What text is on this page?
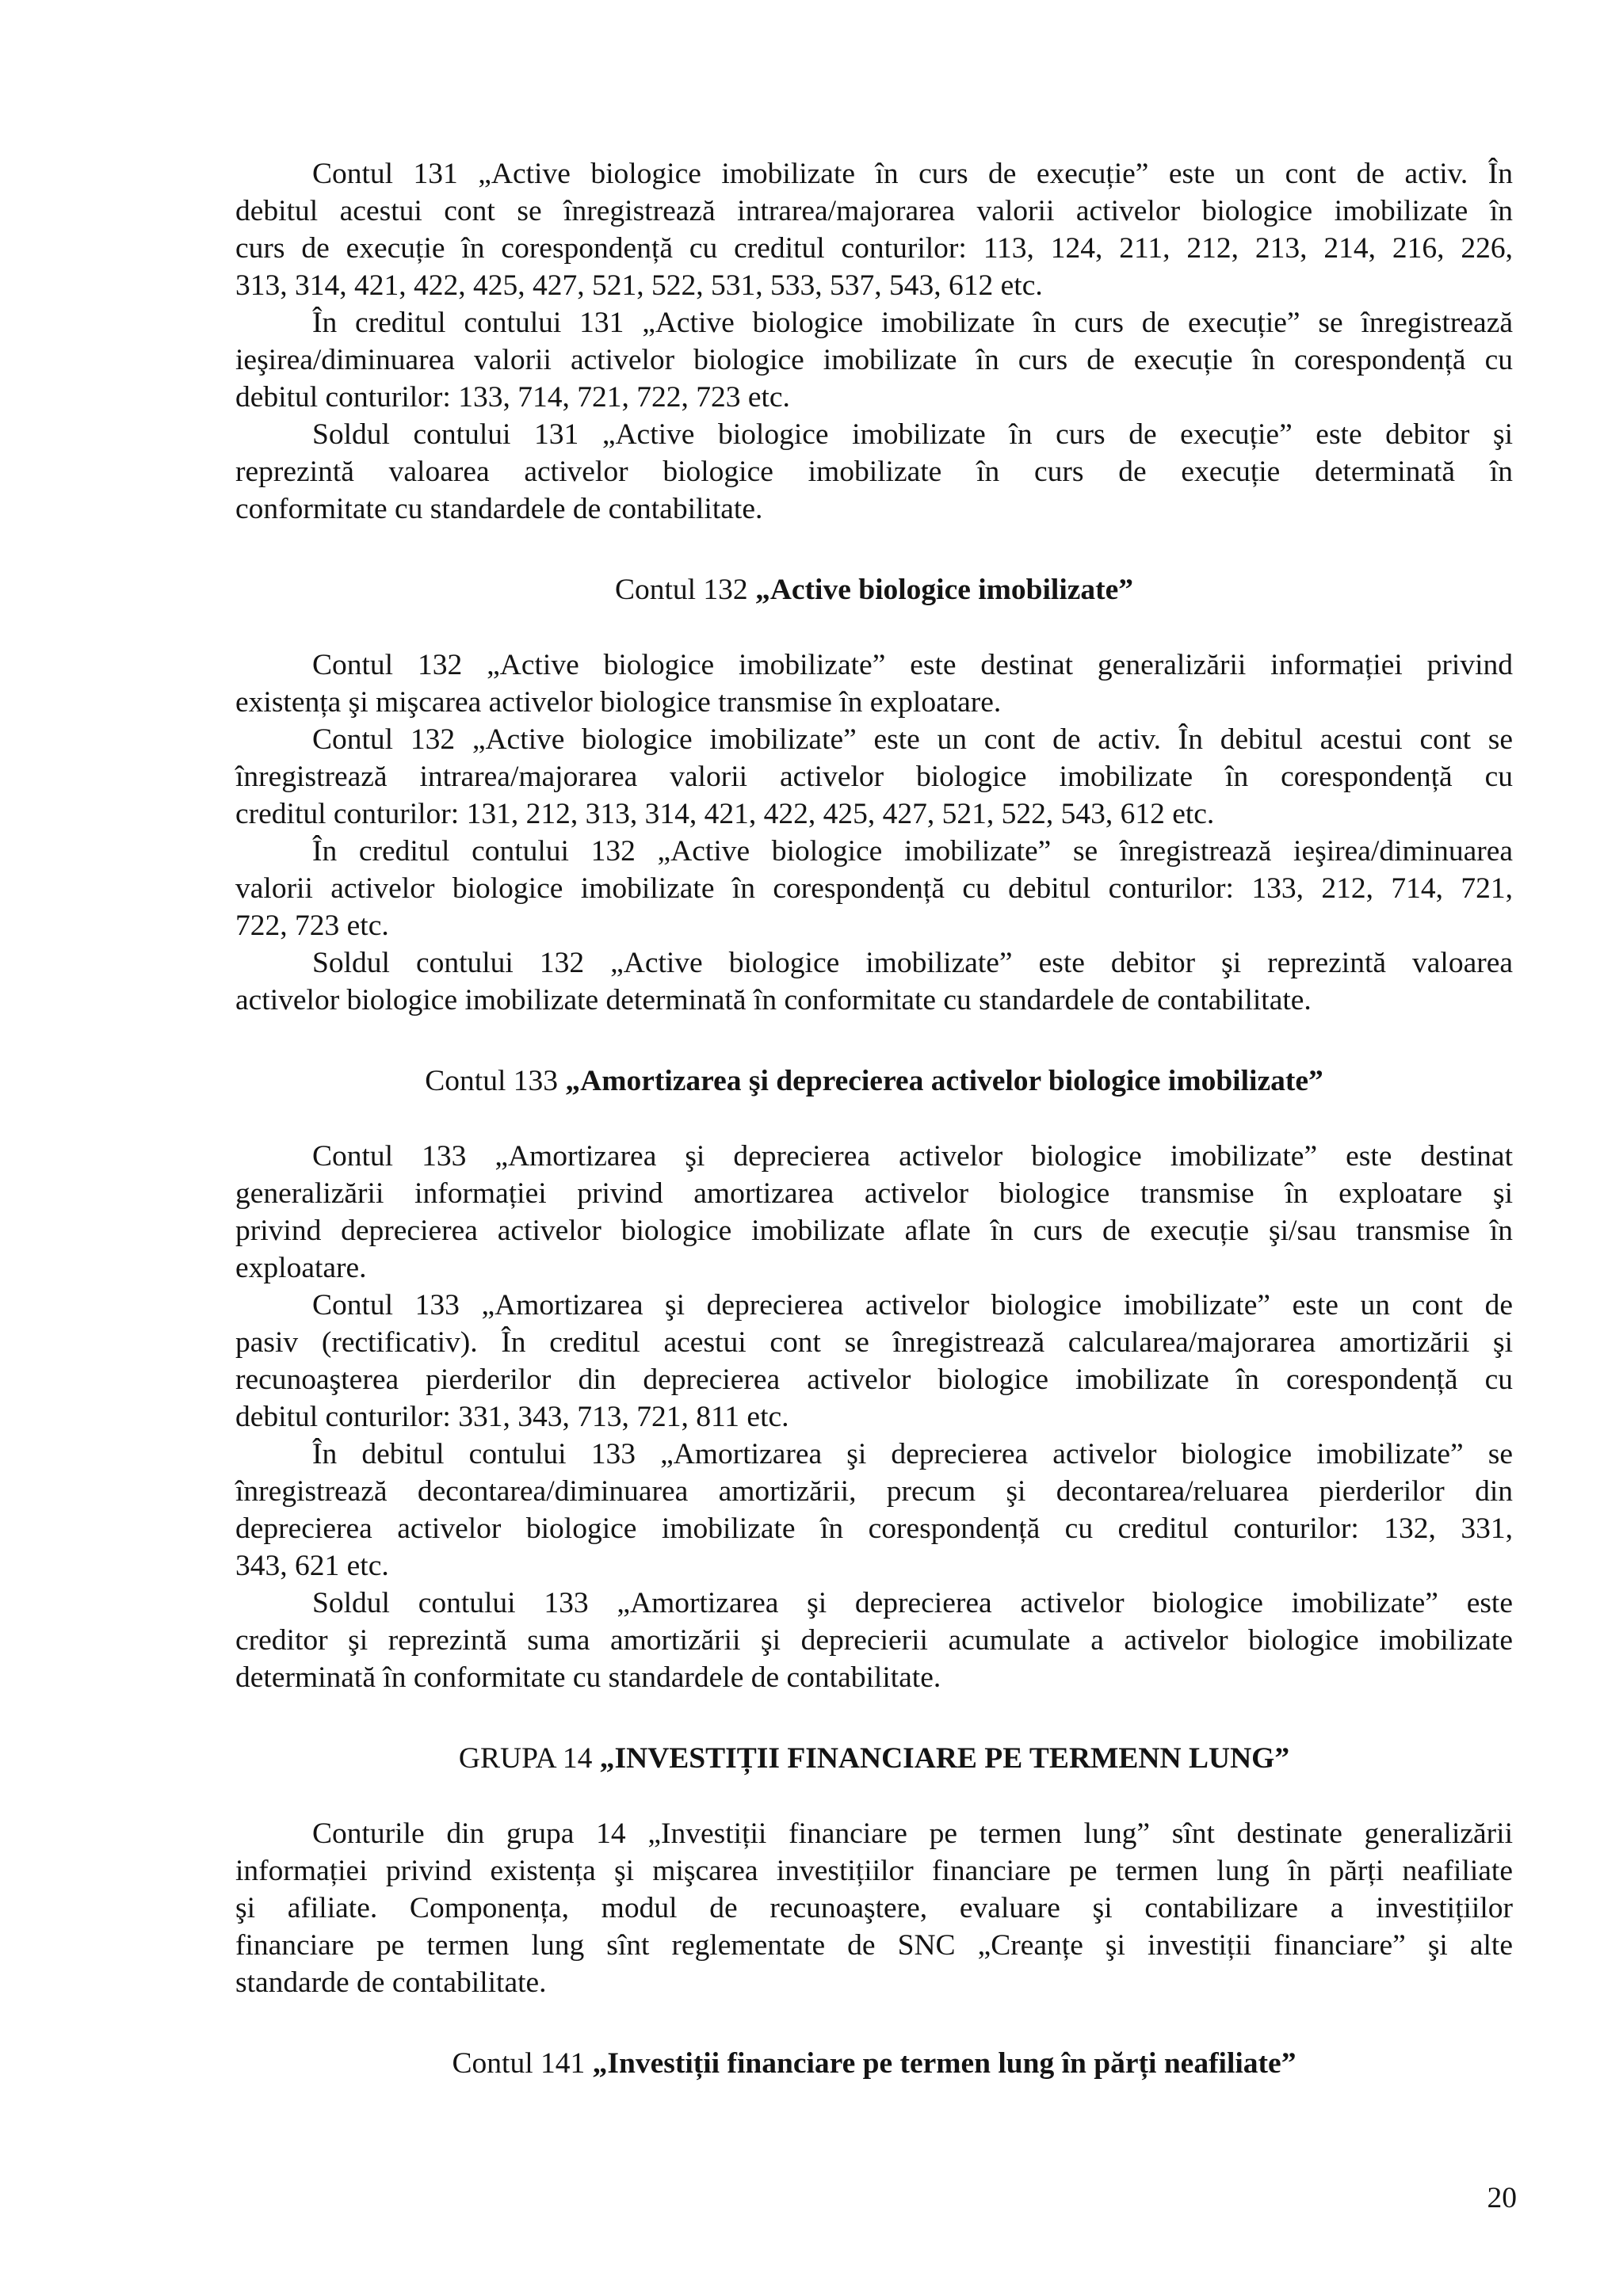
Contul 131 „Active biologice imobilizate în curs de execuție” este un cont de activ. În
debitul acestui cont se înregistrează intrarea/majorarea valorii activelor biologice imobilizate în
curs de execuție în corespondență cu creditul conturilor: 113, 124, 211, 212, 213, 214, 216, 226,
313, 314, 421, 422, 425, 427, 521, 522, 531, 533, 537, 543, 612 etc.
În creditul contului 131 „Active biologice imobilizate în curs de execuție” se înregistrează
ieşirea/diminuarea valorii activelor biologice imobilizate în curs de execuție în corespondență cu
debitul conturilor: 133, 714, 721, 722, 723 etc.
Soldul contului 131 „Active biologice imobilizate în curs de execuție” este debitor şi
reprezintă valoarea activelor biologice imobilizate în curs de execuție determinată în
conformitate cu standardele de contabilitate.
Contul 132 „Active biologice imobilizate”
Contul 132 „Active biologice imobilizate” este destinat generalizării informației privind
existența şi mişcarea activelor biologice transmise în exploatare.
Contul 132 „Active biologice imobilizate” este un cont de activ. În debitul acestui cont se
înregistrează intrarea/majorarea valorii activelor biologice imobilizate în corespondență cu
creditul conturilor: 131, 212, 313, 314, 421, 422, 425, 427, 521, 522, 543, 612 etc.
În creditul contului 132 „Active biologice imobilizate” se înregistrează ieşirea/diminuarea
valorii activelor biologice imobilizate în corespondență cu debitul conturilor: 133, 212, 714, 721,
722, 723 etc.
Soldul contului 132 „Active biologice imobilizate” este debitor şi reprezintă valoarea
activelor biologice imobilizate determinată în conformitate cu standardele de contabilitate.
Contul 133 „Amortizarea şi deprecierea activelor biologice imobilizate”
Contul 133 „Amortizarea şi deprecierea activelor biologice imobilizate” este destinat
generalizării informației privind amortizarea activelor biologice transmise în exploatare şi
privind deprecierea activelor biologice imobilizate aflate în curs de execuție şi/sau transmise în
exploatare.
Contul 133 „Amortizarea şi deprecierea activelor biologice imobilizate” este un cont de
pasiv (rectificativ). În creditul acestui cont se înregistrează calcularea/majorarea amortizării şi
recunoaşterea pierderilor din deprecierea activelor biologice imobilizate în corespondență cu
debitul conturilor: 331, 343, 713, 721, 811 etc.
În debitul contului 133 „Amortizarea şi deprecierea activelor biologice imobilizate” se
înregistrează decontarea/diminuarea amortizării, precum şi decontarea/reluarea pierderilor din
deprecierea activelor biologice imobilizate în corespondență cu creditul conturilor: 132, 331,
343, 621 etc.
Soldul contului 133 „Amortizarea şi deprecierea activelor biologice imobilizate” este
creditor şi reprezintă suma amortizării şi deprecierii acumulate a activelor biologice imobilizate
determinată în conformitate cu standardele de contabilitate.
GRUPA 14 „INVESTIȚII FINANCIARE PE TERMENN LUNG”
Conturile din grupa 14 „Investiții financiare pe termen lung” sînt destinate generalizării
informației privind existența şi mişcarea investițiilor financiare pe termen lung în părți neafiliate
şi afiliate. Componența, modul de recunoaştere, evaluare şi contabilizare a investițiilor
financiare pe termen lung sînt reglementate de SNC „Creanțe şi investiții financiare” şi alte
standarde de contabilitate.
Contul 141 „Investiții financiare pe termen lung în părți neafiliate”
20
